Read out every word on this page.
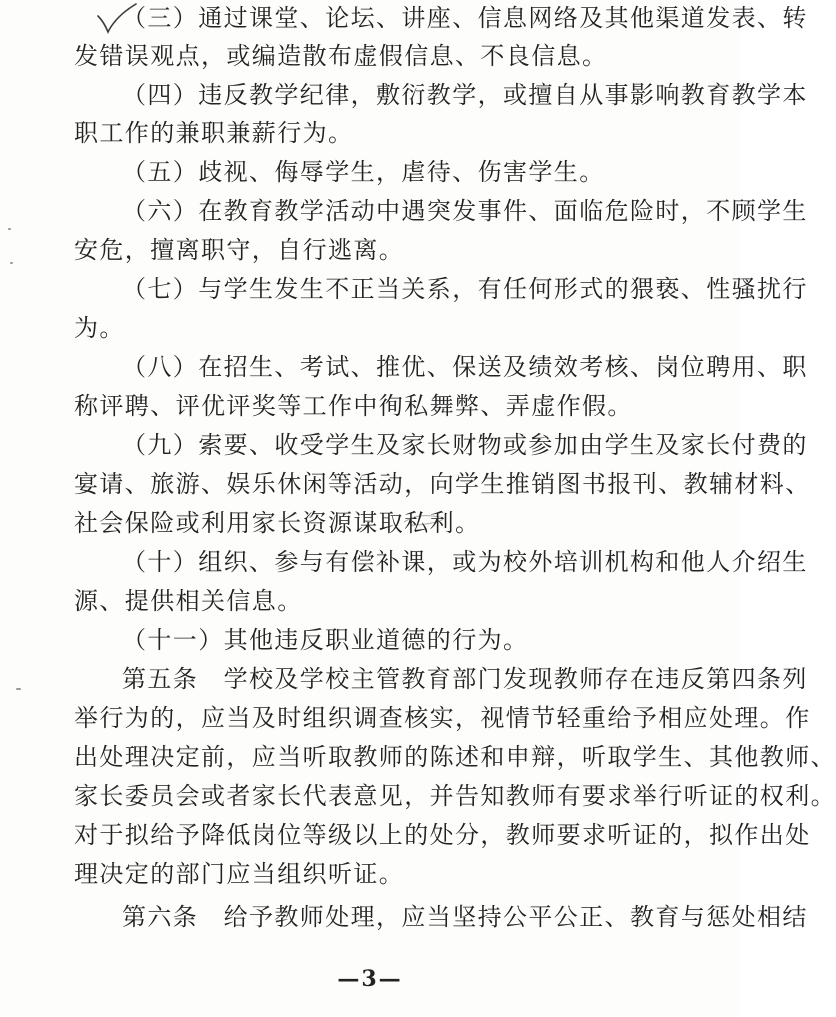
（三）通过课堂、论坛、讲座、信息网络及其他渠道发表、转
发错误观点，或编造散布虚假信息、不良信息。
（四）违反教学纪律，敷衍教学，或擅自从事影响教育教学本
职工作的兼职兼薪行为。
（五）歧视、侮辱学生，虐待、伤害学生。
（六）在教育教学活动中遇突发事件、面临危险时，不顾学生
安危，擅离职守，自行逃离。
（七）与学生发生不正当关系，有任何形式的猥亵、性骚扰行
为。
（八）在招生、考试、推优、保送及绩效考核、岗位聘用、职
称评聘、评优评奖等工作中徇私舞弊、弄虚作假。
（九）索要、收受学生及家长财物或参加由学生及家长付费的
宴请、旅游、娱乐休闲等活动，向学生推销图书报刊、教辅材料、
社会保险或利用家长资源谋取私利。
（十）组织、参与有偿补课，或为校外培训机构和他人介绍生
源、提供相关信息。
（十一）其他违反职业道德的行为。
第五条　学校及学校主管教育部门发现教师存在违反第四条列
举行为的，应当及时组织调查核实，视情节轻重给予相应处理。作
出处理决定前，应当听取教师的陈述和申辩，听取学生、其他教师、
家长委员会或者家长代表意见，并告知教师有要求举行听证的权利。
对于拟给予降低岗位等级以上的处分，教师要求听证的，拟作出处
理决定的部门应当组织听证。
第六条　给予教师处理，应当坚持公平公正、教育与惩处相结
—3—
